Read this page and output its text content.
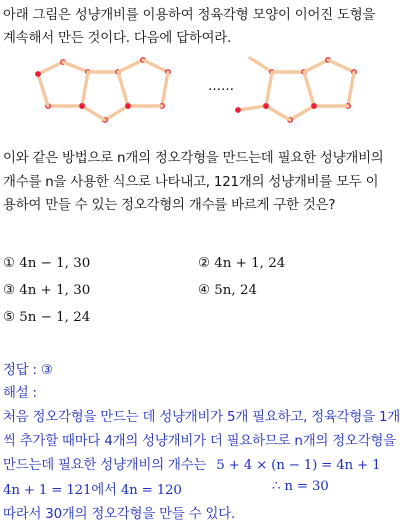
아래 그림은 성냥개비를 이용하여 정육각형 모양이 이어진 도형을
계속해서 만든 것이다. 다음에 답하여라.
……
이와 같은 방법으로 n개의 정오각형을 만드는데 필요한 성냥개비의
개수를 n을 사용한 식으로 나타내고, 121개의 성냥개비를 모두 이
용하여 만들 수 있는 정오각형의 개수를 바르게 구한 것은?
① 4n − 1, 30	② 4n + 1, 24
③ 4n + 1, 30	④ 5n, 24
⑤ 5n − 1, 24
정답 : ③
해설 :
처음 정오각형을 만드는 데 성냥개비가 5개 필요하고, 정육각형을 1개
씩 추가할 때마다 4개의 성냥개비가 더 필요하므로 n개의 정오각형을
만드는데 필요한 성냥개비의 개수는 5 + 4 × (n − 1) = 4n + 1
4n + 1 = 121에서 4n = 120	∴ n = 30
따라서 30개의 정오각형을 만들 수 있다.
